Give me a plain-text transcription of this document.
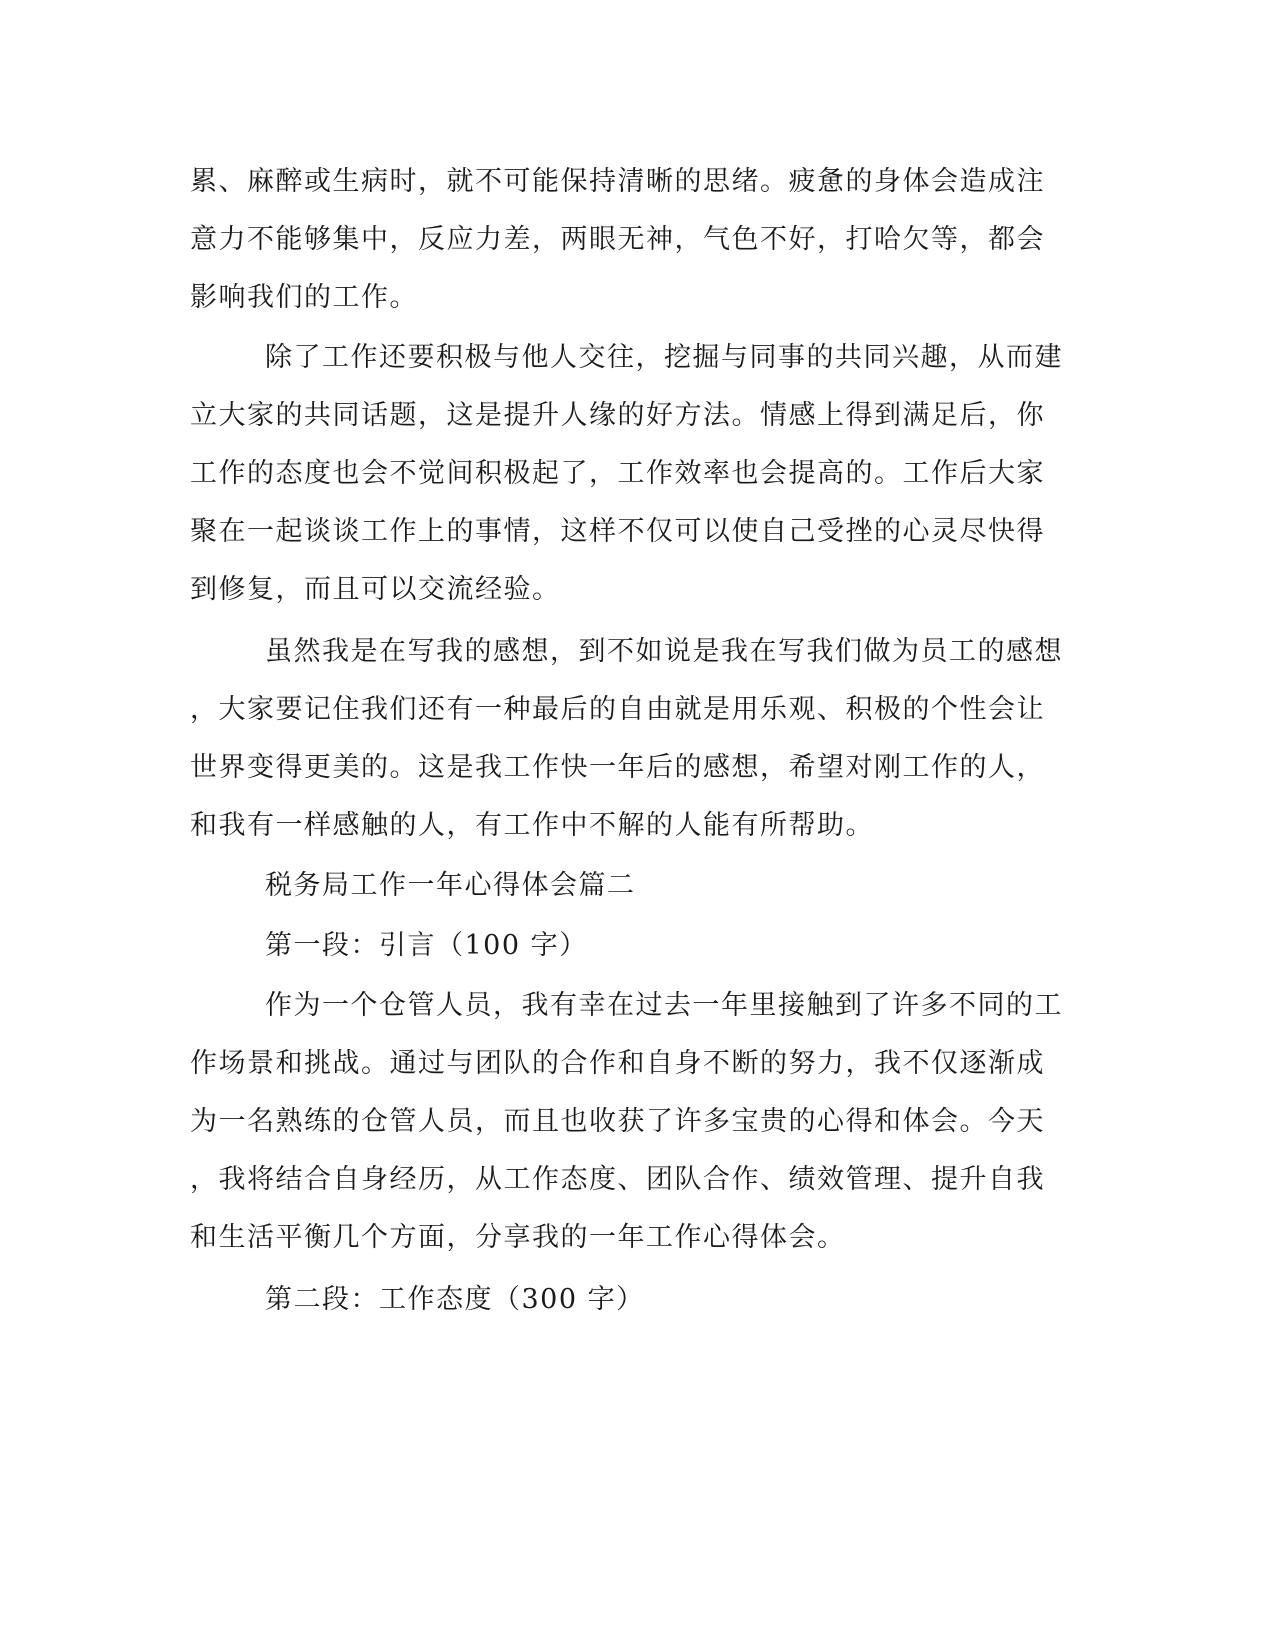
累、麻醉或生病时，就不可能保持清晰的思绪。疲惫的身体会造成注

意力不能够集中，反应力差，两眼无神，气色不好，打哈欠等，都会

影响我们的工作。

除了工作还要积极与他人交往，挖掘与同事的共同兴趣，从而建

立大家的共同话题，这是提升人缘的好方法。情感上得到满足后，你

工作的态度也会不觉间积极起了，工作效率也会提高的。工作后大家

聚在一起谈谈工作上的事情，这样不仅可以使自己受挫的心灵尽快得

到修复，而且可以交流经验。

虽然我是在写我的感想，到不如说是我在写我们做为员工的感想

，大家要记住我们还有一种最后的自由就是用乐观、积极的个性会让

世界变得更美的。这是我工作快一年后的感想，希望对刚工作的人，

和我有一样感触的人，有工作中不解的人能有所帮助。

税务局工作一年心得体会篇二

第一段：引言（100 字）

作为一个仓管人员，我有幸在过去一年里接触到了许多不同的工

作场景和挑战。通过与团队的合作和自身不断的努力，我不仅逐渐成

为一名熟练的仓管人员，而且也收获了许多宝贵的心得和体会。今天

，我将结合自身经历，从工作态度、团队合作、绩效管理、提升自我

和生活平衡几个方面，分享我的一年工作心得体会。

第二段：工作态度（300 字）
